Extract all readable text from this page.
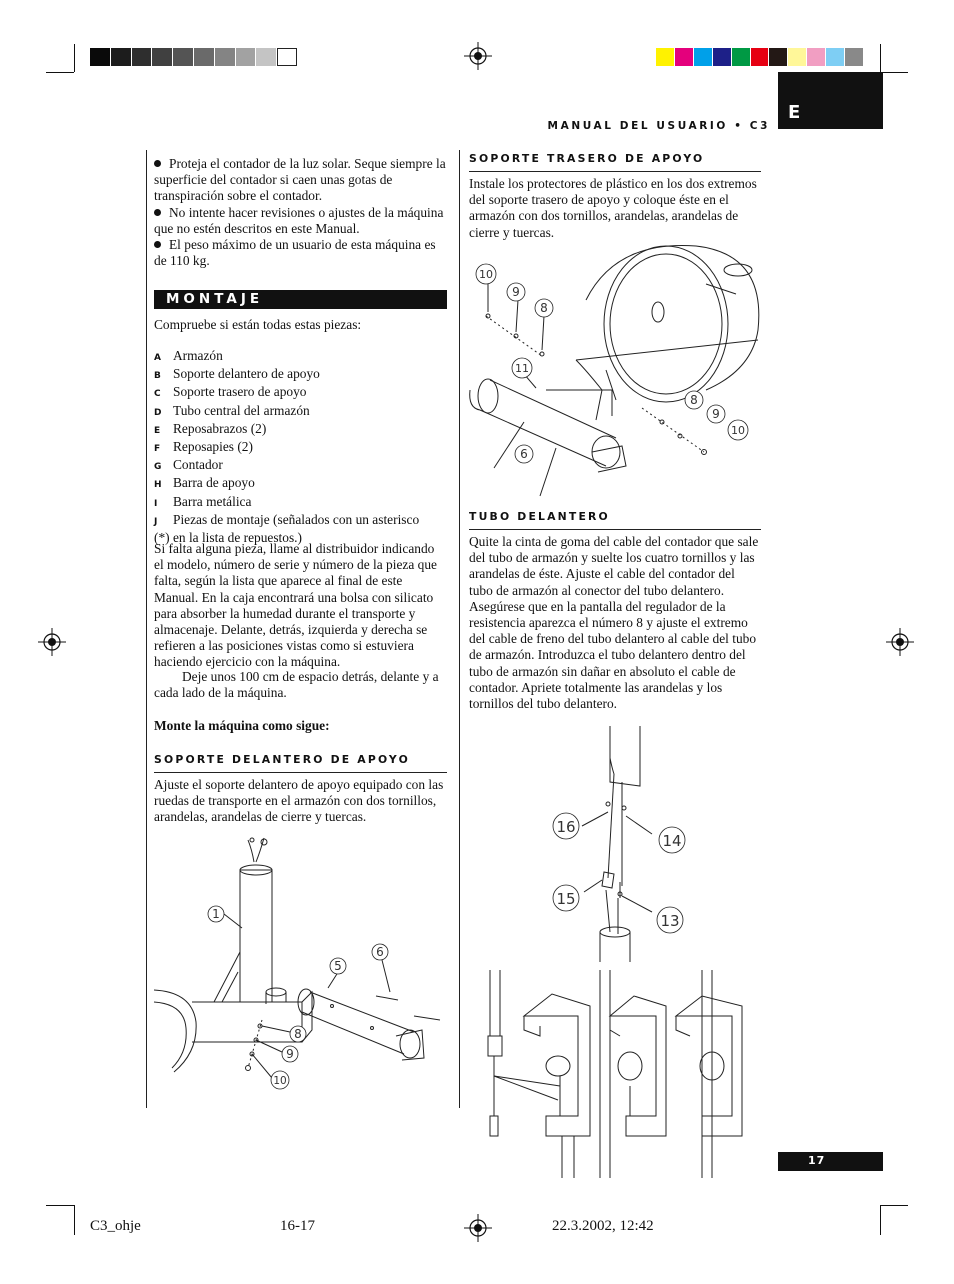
MANUAL DEL USUARIO • C3
E
Proteja el contador de la luz solar. Seque siempre la superficie del contador si caen unas gotas de transpiración sobre el contador.
No intente hacer revisiones o ajustes de la máquina que no estén descritos en este Manual.
El peso máximo de un usuario de esta máquina es de 110 kg.
MONTAJE
Compruebe si están todas estas piezas:
A Armazón
B Soporte delantero de apoyo
C Soporte trasero de apoyo
D Tubo central del armazón
E Reposabrazos (2)
F Reposapies (2)
G Contador
H Barra de apoyo
I Barra metálica
J Piezas de montaje (señalados con un asterisco
(*) en la lista de repuestos.)
Si falta alguna pieza, llame al distribuidor indicando el modelo, número de serie y número de la pieza que falta, según la lista que aparece al final de este Manual. En la caja encontrará una bolsa con silicato para absorber la humedad durante el transporte y almacenaje. Delante, detrás, izquierda y derecha se refieren a las posiciones vistas como si estuviera haciendo ejercicio con la máquina.
Deje unos 100 cm de espacio detrás, delante y a cada lado de la máquina.
Monte la máquina como sigue:
SOPORTE DELANTERO DE APOYO
Ajuste el soporte delantero de apoyo equipado con las ruedas de transporte en el armazón con dos tornillos, arandelas, arandelas de cierre y tuercas.
1
5
6
8
9
10
SOPORTE TRASERO DE APOYO
Instale los protectores de plástico en los dos extremos del soporte trasero de apoyo y coloque éste en el armazón con dos tornillos, arandelas, arandelas de cierre y tuercas.
10
9
8
11
6
8
9
10
TUBO DELANTERO
Quite la cinta de goma del cable del contador que sale del tubo de armazón y suelte los cuatro tornillos y las arandelas de éste. Ajuste el cable del contador del tubo de armazón al conector del tubo delantero. Asegúrese que en la pantalla del regulador de la resistencia aparezca el número 8 y ajuste el extremo del cable de freno del tubo delantero al cable del tubo de armazón. Introduzca el tubo delantero dentro del tubo de armazón sin dañar en absoluto el cable de contador. Apriete totalmente las arandelas y los tornillos del tubo delantero.
16
14
15
13
17
C3_ohje	16-17	22.3.2002, 12:42
